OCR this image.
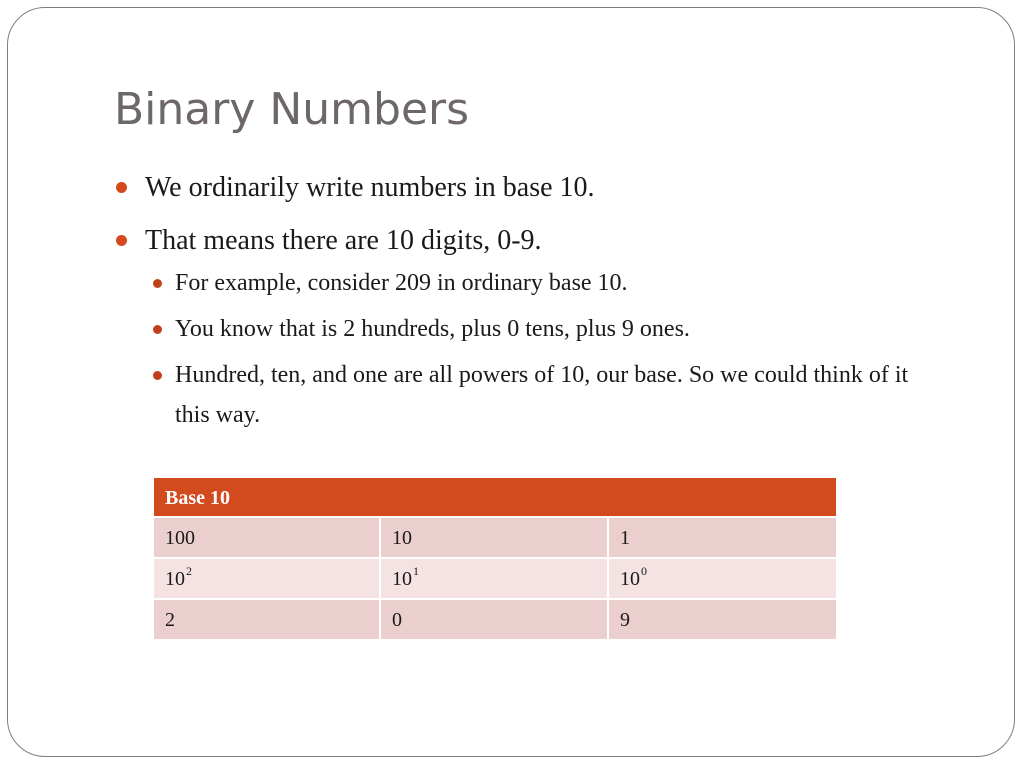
Binary Numbers
We ordinarily write numbers in base 10.
That means there are 10 digits, 0-9.
For example, consider 209 in ordinary base 10.
You know that is 2 hundreds, plus 0 tens, plus 9 ones.
Hundred, ten, and one are all powers of 10, our base. So we could think of it this way.
Base 10
100	10	1
$10^2$	$10^1$	$10^0$
2	0	9
